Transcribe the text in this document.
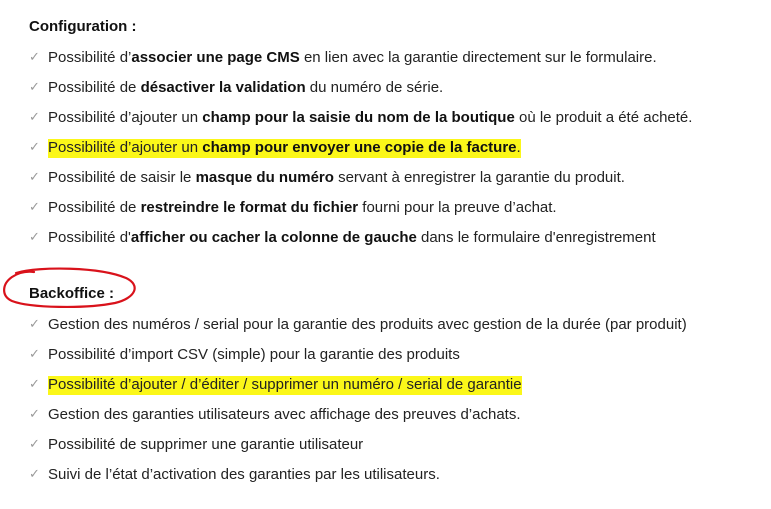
Configuration :
✓ Possibilité d’associer une page CMS en lien avec la garantie directement sur le formulaire.
✓ Possibilité de désactiver la validation du numéro de série.
✓ Possibilité d’ajouter un champ pour la saisie du nom de la boutique où le produit a été acheté.
✓ Possibilité d’ajouter un champ pour envoyer une copie de la facture.
✓ Possibilité de saisir le masque du numéro servant à enregistrer la garantie du produit.
✓ Possibilité de restreindre le format du fichier fourni pour la preuve d’achat.
✓ Possibilité d'afficher ou cacher la colonne de gauche dans le formulaire d'enregistrement
Backoffice :
✓ Gestion des numéros / serial pour la garantie des produits avec gestion de la durée (par produit)
✓ Possibilité d’import CSV (simple) pour la garantie des produits
✓ Possibilité d’ajouter / d’éditer / supprimer un numéro / serial de garantie
✓ Gestion des garanties utilisateurs avec affichage des preuves d’achats.
✓ Possibilité de supprimer une garantie utilisateur
✓ Suivi de l’état d’activation des garanties par les utilisateurs.
